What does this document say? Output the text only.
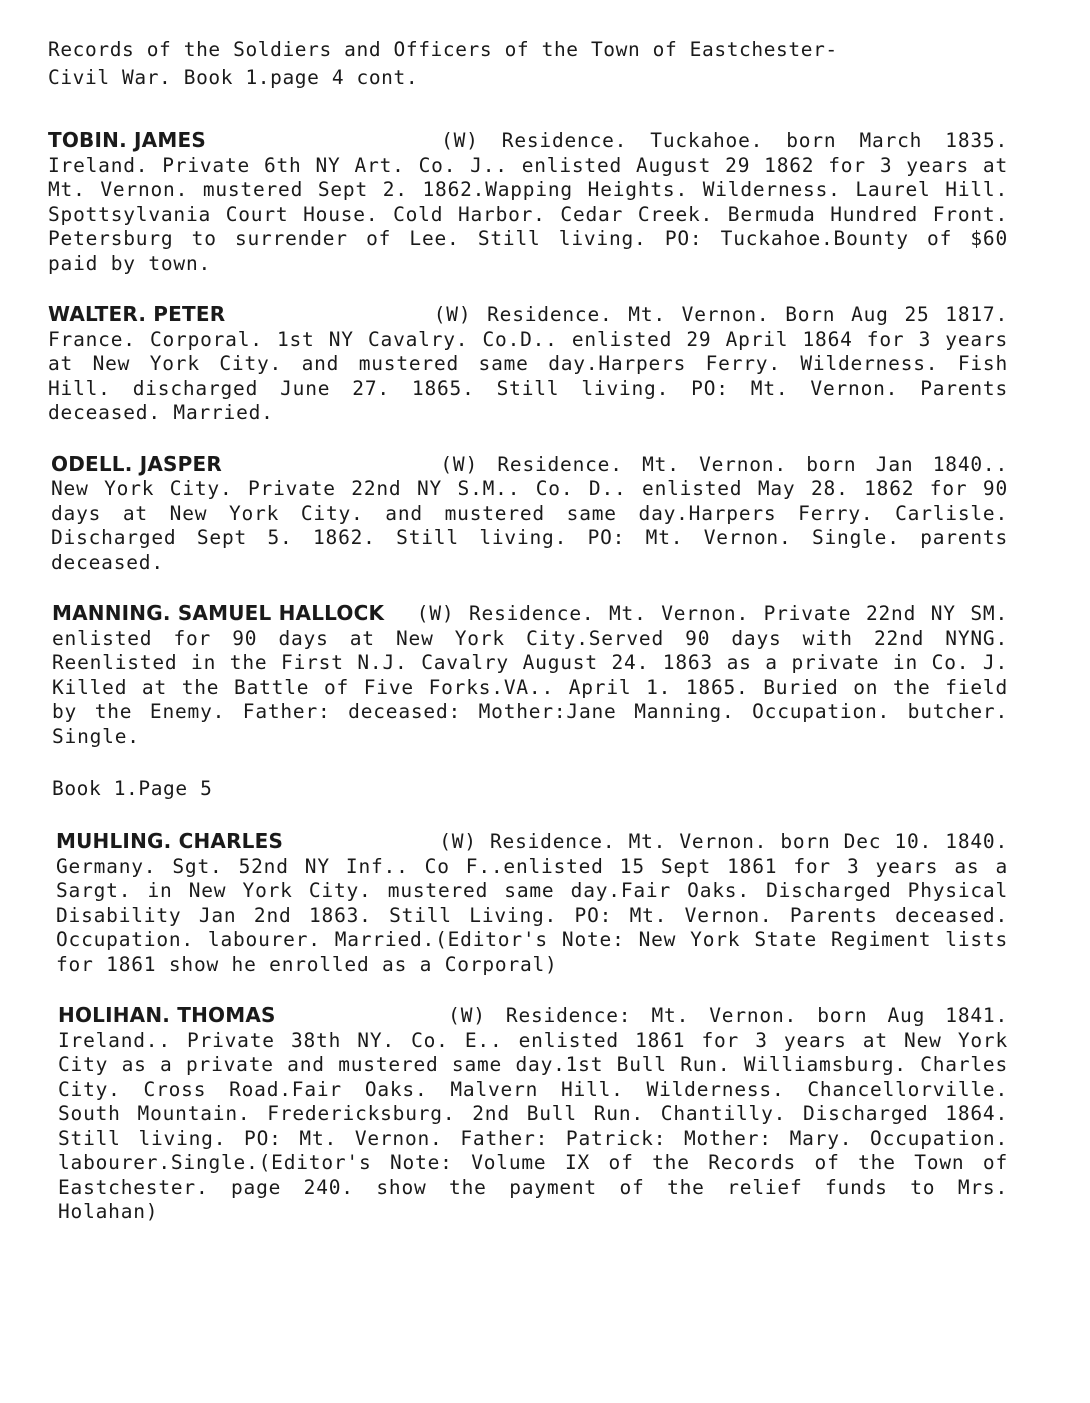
Records of the Soldiers and Officers of the Town of Eastchester-
Civil War. Book 1.page 4 cont.
TOBIN. JAMES	(W) Residence. Tuckahoe. born March 1835. Ireland. Private 6th NY Art. Co. J.. enlisted August 29 1862 for 3 years at Mt. Vernon. mustered Sept 2. 1862.Wapping Heights. Wilderness. Laurel Hill. Spottsylvania Court House. Cold Harbor. Cedar Creek. Bermuda Hundred Front. Petersburg to surrender of Lee. Still living. PO: Tuckahoe.Bounty of $60 paid by town.
WALTER. PETER	(W) Residence. Mt. Vernon. Born Aug 25 1817. France. Corporal. 1st NY Cavalry. Co.D.. enlisted 29 April 1864 for 3 years at New York City. and mustered same day.Harpers Ferry. Wilderness. Fish Hill. discharged June 27. 1865. Still living. PO: Mt. Vernon. Parents deceased. Married.
ODELL. JASPER	(W) Residence. Mt. Vernon. born Jan 1840.. New York City. Private 22nd NY S.M.. Co. D.. enlisted May 28. 1862 for 90 days at New York City. and mustered same day.Harpers Ferry. Carlisle. Discharged Sept 5. 1862. Still living. PO: Mt. Vernon. Single. parents deceased.
MANNING. SAMUEL HALLOCK (W) Residence. Mt. Vernon. Private 22nd NY SM. enlisted for 90 days at New York City.Served 90 days with 22nd NYNG. Reenlisted in the First N.J. Cavalry August 24. 1863 as a private in Co. J. Killed at the Battle of Five Forks.VA.. April 1. 1865. Buried on the field by the Enemy. Father: deceased: Mother:Jane Manning. Occupation. butcher. Single.
Book 1.Page 5
MUHLING. CHARLES	(W) Residence. Mt. Vernon. born Dec 10. 1840. Germany. Sgt. 52nd NY Inf.. Co F..enlisted 15 Sept 1861 for 3 years as a Sargt. in New York City. mustered same day.Fair Oaks. Discharged Physical Disability Jan 2nd 1863. Still Living. PO: Mt. Vernon. Parents deceased. Occupation. labourer. Married.(Editor's Note: New York State Regiment lists for 1861 show he enrolled as a Corporal)
HOLIHAN. THOMAS	(W) Residence: Mt. Vernon. born Aug 1841. Ireland.. Private 38th NY. Co. E.. enlisted 1861 for 3 years at New York City as a private and mustered same day.1st Bull Run. Williamsburg. Charles City. Cross Road.Fair Oaks. Malvern Hill. Wilderness. Chancellorville. South Mountain. Fredericksburg. 2nd Bull Run. Chantilly. Discharged 1864. Still living. PO: Mt. Vernon. Father: Patrick: Mother: Mary. Occupation. labourer.Single.(Editor's Note: Volume IX of the Records of the Town of Eastchester. page 240. show the payment of the relief funds to Mrs. Holahan)
